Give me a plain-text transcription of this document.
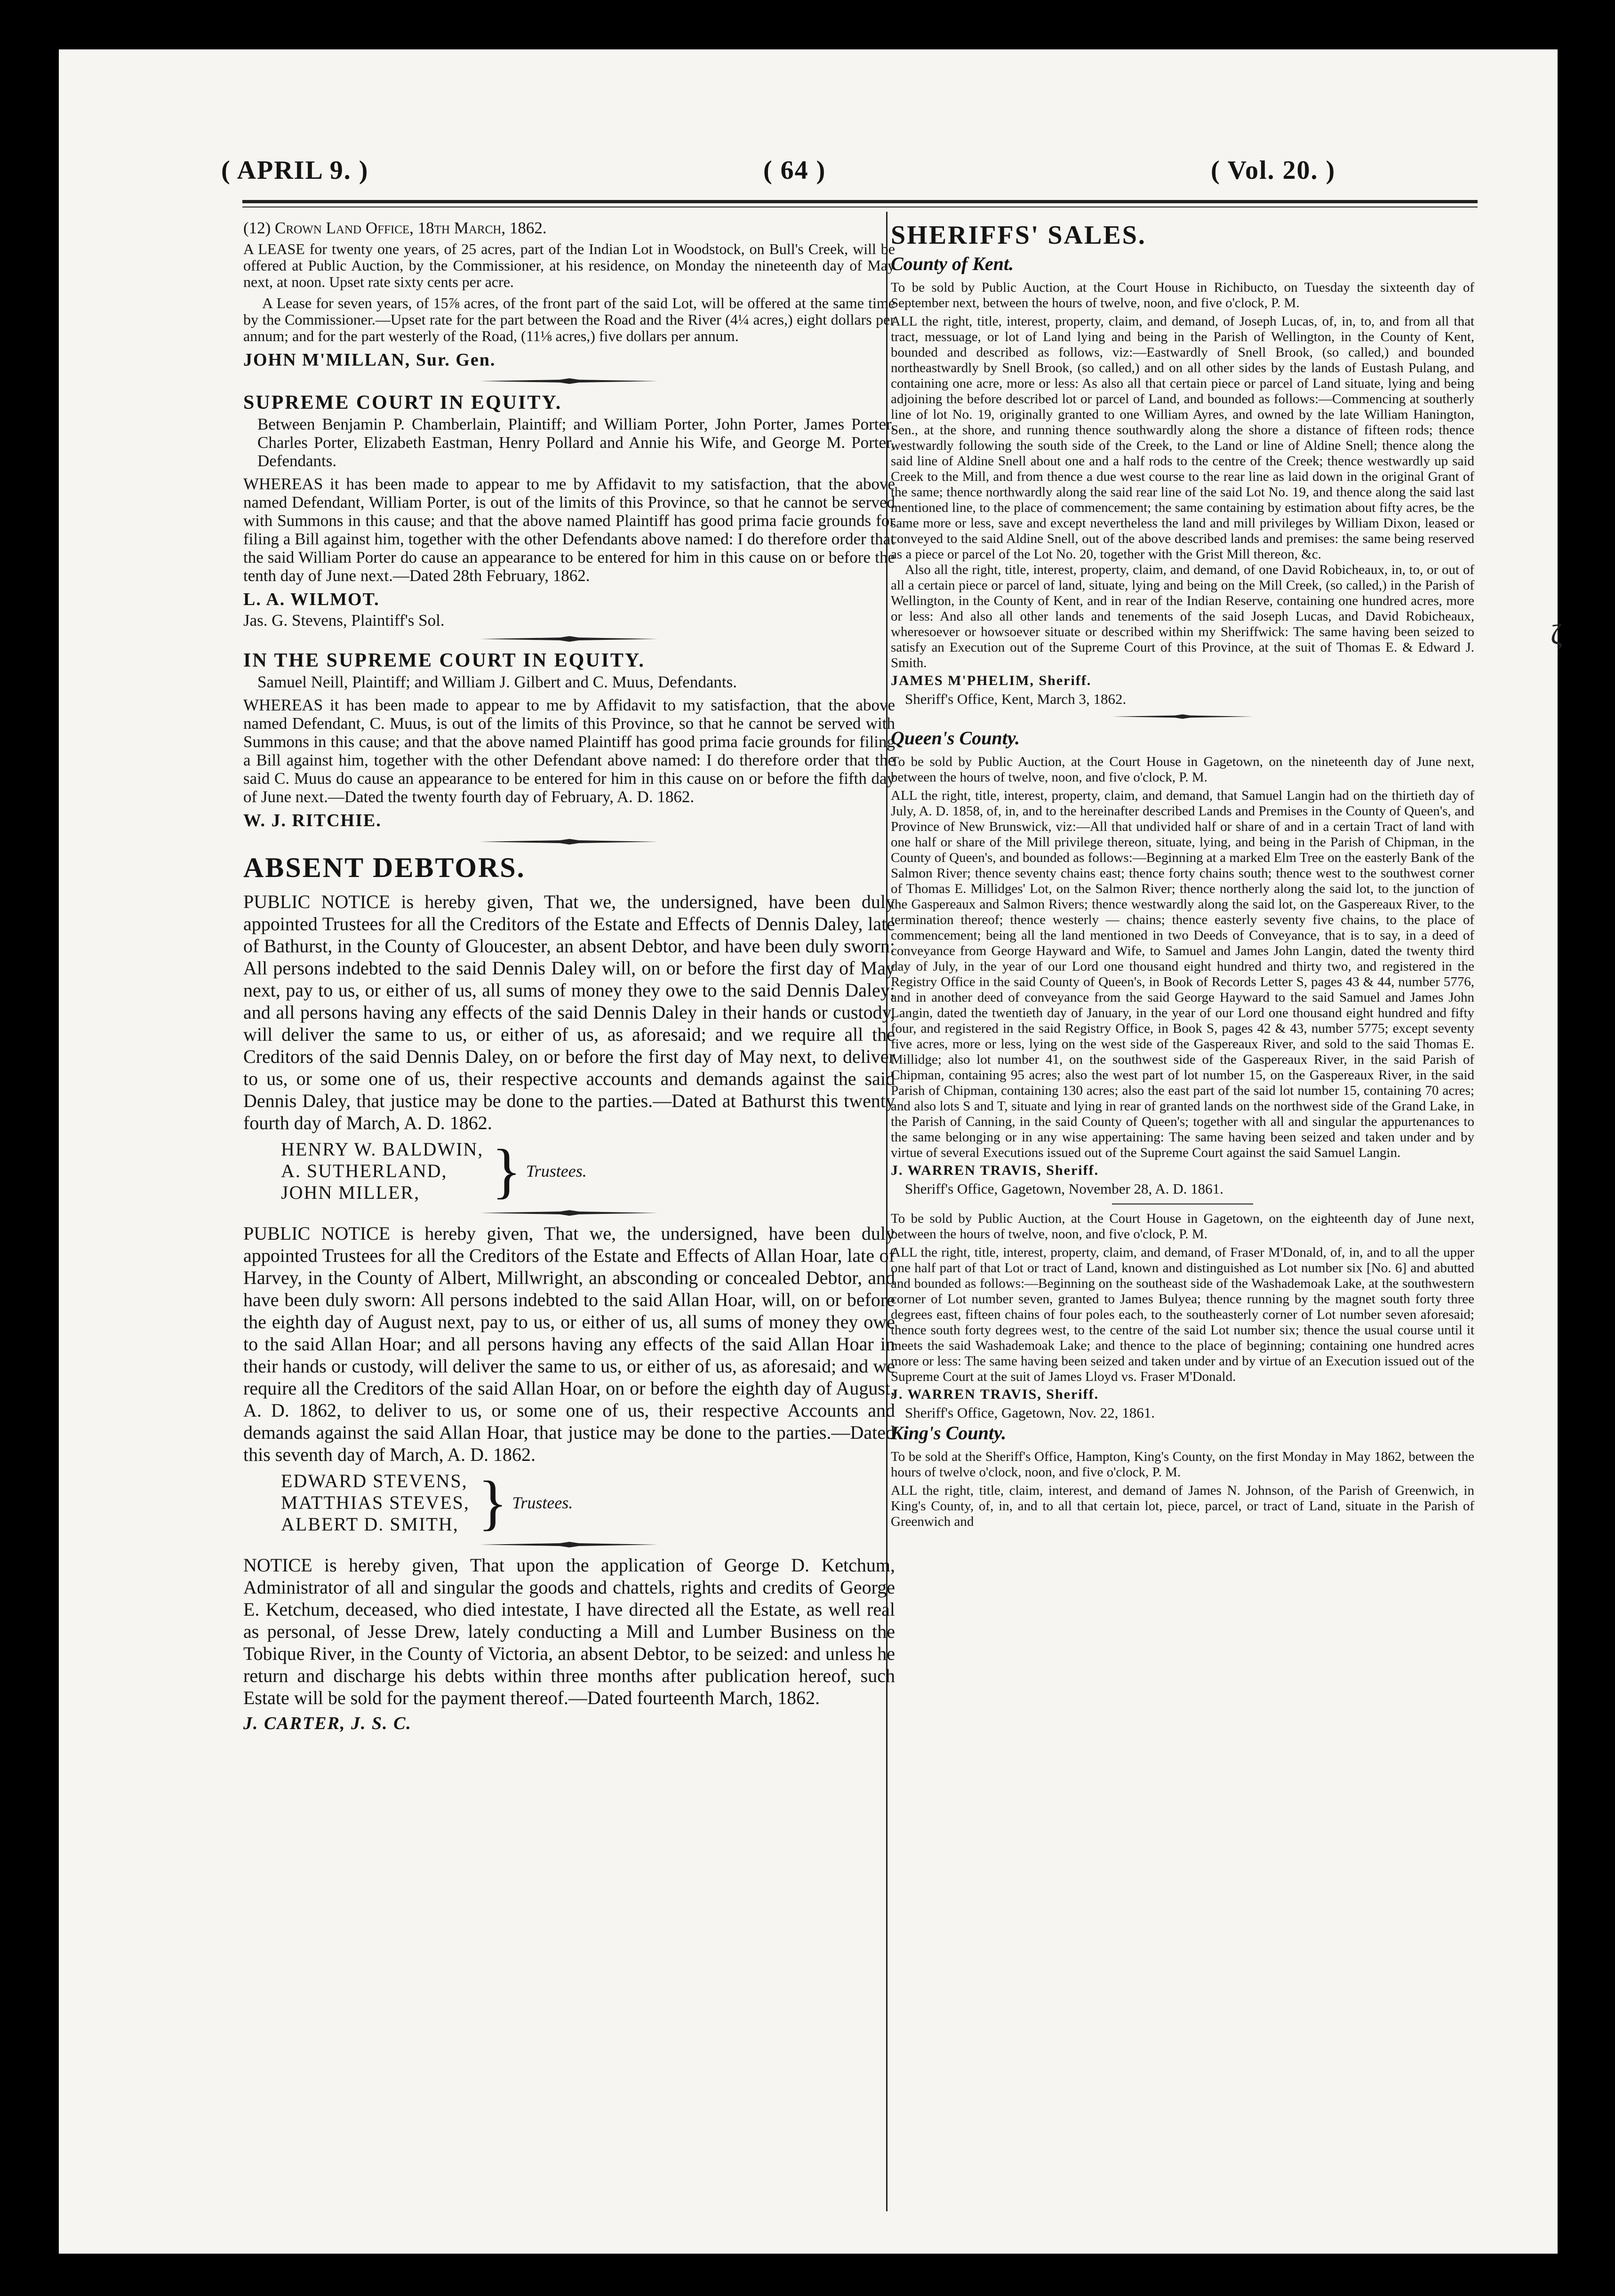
( APRIL 9. )	( 64 )	( Vol. 20. )

(12) Crown Land Office, 18th March, 1862.

A LEASE for twenty one years, of 25 acres, part of the Indian Lot in Woodstock, on Bull's Creek, will be offered at Public Auction, by the Commissioner, at his residence, on Monday the nineteenth day of May next, at noon. Upset rate sixty cents per acre.

A Lease for seven years, of 15⅞ acres, of the front part of the said Lot, will be offered at the same time by the Commissioner.—Upset rate for the part between the Road and the River (4¼ acres,) eight dollars per annum; and for the part westerly of the Road, (11⅛ acres,) five dollars per annum.

JOHN M'MILLAN, Sur. Gen.

SUPREME COURT IN EQUITY.

Between Benjamin P. Chamberlain, Plaintiff; and William Porter, John Porter, James Porter, Charles Porter, Elizabeth Eastman, Henry Pollard and Annie his Wife, and George M. Porter, Defendants.

WHEREAS it has been made to appear to me by Affidavit to my satisfaction, that the above named Defendant, William Porter, is out of the limits of this Province, so that he cannot be served with Summons in this cause; and that the above named Plaintiff has good prima facie grounds for filing a Bill against him, together with the other Defendants above named: I do therefore order that the said William Porter do cause an appearance to be entered for him in this cause on or before the tenth day of June next.—Dated 28th February, 1862.

L. A. WILMOT.

Jas. G. Stevens, Plaintiff's Sol.

IN THE SUPREME COURT IN EQUITY.

Samuel Neill, Plaintiff; and William J. Gilbert and C. Muus, Defendants.

WHEREAS it has been made to appear to me by Affidavit to my satisfaction, that the above named Defendant, C. Muus, is out of the limits of this Province, so that he cannot be served with Summons in this cause; and that the above named Plaintiff has good prima facie grounds for filing a Bill against him, together with the other Defendant above named: I do therefore order that the said C. Muus do cause an appearance to be entered for him in this cause on or before the fifth day of June next.—Dated the twenty fourth day of February, A. D. 1862.

W. J. RITCHIE.

ABSENT DEBTORS.

PUBLIC NOTICE is hereby given, That we, the undersigned, have been duly appointed Trustees for all the Creditors of the Estate and Effects of Dennis Daley, late of Bathurst, in the County of Gloucester, an absent Debtor, and have been duly sworn: All persons indebted to the said Dennis Daley will, on or before the first day of May next, pay to us, or either of us, all sums of money they owe to the said Dennis Daley; and all persons having any effects of the said Dennis Daley in their hands or custody, will deliver the same to us, or either of us, as aforesaid; and we require all the Creditors of the said Dennis Daley, on or before the first day of May next, to deliver to us, or some one of us, their respective accounts and demands against the said Dennis Daley, that justice may be done to the parties.—Dated at Bathurst this twenty fourth day of March, A. D. 1862.

HENRY W. BALDWIN,
A. SUTHERLAND,
JOHN MILLER,	} Trustees.

PUBLIC NOTICE is hereby given, That we, the undersigned, have been duly appointed Trustees for all the Creditors of the Estate and Effects of Allan Hoar, late of Harvey, in the County of Albert, Millwright, an absconding or concealed Debtor, and have been duly sworn: All persons indebted to the said Allan Hoar, will, on or before the eighth day of August next, pay to us, or either of us, all sums of money they owe to the said Allan Hoar; and all persons having any effects of the said Allan Hoar in their hands or custody, will deliver the same to us, or either of us, as aforesaid; and we require all the Creditors of the said Allan Hoar, on or before the eighth day of August, A. D. 1862, to deliver to us, or some one of us, their respective Accounts and demands against the said Allan Hoar, that justice may be done to the parties.—Dated this seventh day of March, A. D. 1862.

EDWARD STEVENS,
MATTHIAS STEVES,
ALBERT D. SMITH, } Trustees.

NOTICE is hereby given, That upon the application of George D. Ketchum, Administrator of all and singular the goods and chattels, rights and credits of George E. Ketchum, deceased, who died intestate, I have directed all the Estate, as well real as personal, of Jesse Drew, lately conducting a Mill and Lumber Business on the Tobique River, in the County of Victoria, an absent Debtor, to be seized: and unless he return and discharge his debts within three months after publication hereof, such Estate will be sold for the payment thereof.—Dated fourteenth March, 1862.

J. CARTER, J. S. C.

SHERIFFS' SALES.

County of Kent.

To be sold by Public Auction, at the Court House in Richibucto, on Tuesday the sixteenth day of September next, between the hours of twelve, noon, and five o'clock, P. M.

ALL the right, title, interest, property, claim, and demand, of Joseph Lucas, of, in, to, and from all that tract, messuage, or lot of Land lying and being in the Parish of Wellington, in the County of Kent, bounded and described as follows, viz:—Eastwardly of Snell Brook, (so called,) and bounded northeastwardly by Snell Brook, (so called,) and on all other sides by the lands of Eustash Pulang, and containing one acre, more or less: As also all that certain piece or parcel of Land situate, lying and being adjoining the before described lot or parcel of Land, and bounded as follows:—Commencing at southerly line of lot No. 19, originally granted to one William Ayres, and owned by the late William Hanington, Sen., at the shore, and running thence southwardly along the shore a distance of fifteen rods; thence westwardly following the south side of the Creek, to the Land or line of Aldine Snell; thence along the said line of Aldine Snell about one and a half rods to the centre of the Creek; thence westwardly up said Creek to the Mill, and from thence a due west course to the rear line as laid down in the original Grant of the same; thence northwardly along the said rear line of the said Lot No. 19, and thence along the said last mentioned line, to the place of commencement; the same containing by estimation about fifty acres, be the same more or less, save and except nevertheless the land and mill privileges by William Dixon, leased or conveyed to the said Aldine Snell, out of the above described lands and premises: the same being reserved as a piece or parcel of the Lot No. 20, together with the Grist Mill thereon, &c.

Also all the right, title, interest, property, claim, and demand, of one David Robicheaux, in, to, or out of all a certain piece or parcel of land, situate, lying and being on the Mill Creek, (so called,) in the Parish of Wellington, in the County of Kent, and in rear of the Indian Reserve, containing one hundred acres, more or less: And also all other lands and tenements of the said Joseph Lucas, and David Robicheaux, wheresoever or howsoever situate or described within my Sheriffwick: The same having been seized to satisfy an Execution out of the Supreme Court of this Province, at the suit of Thomas E. & Edward J. Smith.

JAMES M'PHELIM, Sheriff.

Sheriff's Office, Kent, March 3, 1862.

Queen's County.

To be sold by Public Auction, at the Court House in Gagetown, on the nineteenth day of June next, between the hours of twelve, noon, and five o'clock, P. M.

ALL the right, title, interest, property, claim, and demand, that Samuel Langin had on the thirtieth day of July, A. D. 1858, of, in, and to the hereinafter described Lands and Premises in the County of Queen's, and Province of New Brunswick, viz:—All that undivided half or share of and in a certain Tract of land with one half or share of the Mill privilege thereon, situate, lying, and being in the Parish of Chipman, in the County of Queen's, and bounded as follows:—Beginning at a marked Elm Tree on the easterly Bank of the Salmon River; thence seventy chains east; thence forty chains south; thence west to the southwest corner of Thomas E. Millidges' Lot, on the Salmon River; thence northerly along the said lot, to the junction of the Gaspereaux and Salmon Rivers; thence westwardly along the said lot, on the Gaspereaux River, to the termination thereof; thence westerly — chains; thence easterly seventy five chains, to the place of commencement; being all the land mentioned in two Deeds of Conveyance, that is to say, in a deed of conveyance from George Hayward and Wife, to Samuel and James John Langin, dated the twenty third day of July, in the year of our Lord one thousand eight hundred and thirty two, and registered in the Registry Office in the said County of Queen's, in Book of Records Letter S, pages 43 & 44, number 5776, and in another deed of conveyance from the said George Hayward to the said Samuel and James John Langin, dated the twentieth day of January, in the year of our Lord one thousand eight hundred and fifty four, and registered in the said Registry Office, in Book S, pages 42 & 43, number 5775; except seventy five acres, more or less, lying on the west side of the Gaspereaux River, and sold to the said Thomas E. Millidge; also lot number 41, on the southwest side of the Gaspereaux River, in the said Parish of Chipman, containing 95 acres; also the west part of lot number 15, on the Gaspereaux River, in the said Parish of Chipman, containing 130 acres; also the east part of the said lot number 15, containing 70 acres; and also lots S and T, situate and lying in rear of granted lands on the northwest side of the Grand Lake, in the Parish of Canning, in the said County of Queen's; together with all and singular the appurtenances to the same belonging or in any wise appertaining: The same having been seized and taken under and by virtue of several Executions issued out of the Supreme Court against the said Samuel Langin.

J. WARREN TRAVIS, Sheriff.

Sheriff's Office, Gagetown, November 28, A. D. 1861.

To be sold by Public Auction, at the Court House in Gagetown, on the eighteenth day of June next, between the hours of twelve, noon, and five o'clock, P. M.

ALL the right, title, interest, property, claim, and demand, of Fraser M'Donald, of, in, and to all the upper one half part of that Lot or tract of Land, known and distinguished as Lot number six [No. 6] and abutted and bounded as follows:—Beginning on the southeast side of the Washademoak Lake, at the southwestern corner of Lot number seven, granted to James Bulyea; thence running by the magnet south forty three degrees east, fifteen chains of four poles each, to the southeasterly corner of Lot number seven aforesaid; thence south forty degrees west, to the centre of the said Lot number six; thence the usual course until it meets the said Washademoak Lake; and thence to the place of beginning; containing one hundred acres more or less: The same having been seized and taken under and by virtue of an Execution issued out of the Supreme Court at the suit of James Lloyd vs. Fraser M'Donald.

J. WARREN TRAVIS, Sheriff.

Sheriff's Office, Gagetown, Nov. 22, 1861.

King's County.

To be sold at the Sheriff's Office, Hampton, King's County, on the first Monday in May 1862, between the hours of twelve o'clock, noon, and five o'clock, P. M.

ALL the right, title, claim, interest, and demand of James N. Johnson, of the Parish of Greenwich, in King's County, of, in, and to all that certain lot, piece, parcel, or tract of Land, situate in the Parish of Greenwich and

ζ
